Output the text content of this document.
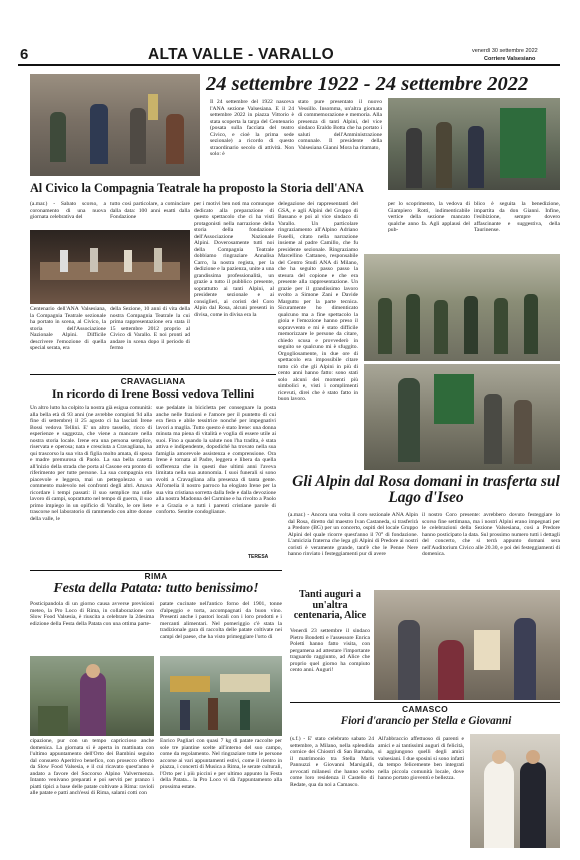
6	ALTA VALLE - VARALLO	venerdì 30 settembre 2022
Corriere Valsesiano
24 settembre 1922 - 24 settembre 2022
Il 24 settembre del 1922 nasceva l'ANA sezione Valsesiana. E il 24 settembre 2022 in piazza Vittorio è stata scoperta la targa del Centenario (posata sulla facciata del teatro Civico, e cioè la prima sede sezionale) a ricordo di questo straordinario secolo di attività. Non solo: è
stato pure presentato il nuovo Vessillo. Insomma, un'altra giornata di commemorazione e memoria. Alla presenza di tanti Alpini, del vice sindaco Eraldo Botta che ha portato i saluti dell'Amministrazione comunale. Il presidente della Valsesiana Gianni Mora ha ritamato,
Al Civico la Compagnia Teatrale ha proposto la Storia dell'ANA
(a.mar.) - Sabato scorso, a coronamento di una nuova giornata celebrativa del
tutto così particolare, a cominciare dalla data: 100 anni esatti dalla Fondazione
Centenario dell'ANA Valsesiana, la Compagnia Teatrale sezionale ha portato in scena, al Civico, la storia dell'Associazione Nazionale Alpini. Difficile descrivere l'emozione di quella special serata, era
della Sezione, 10 anni di vita della nostra Compagnia Teatrale la cui prima rappresentazione era stata il 15 settembre 2012 proprio al Civico di Varallo. E noi pronti ad andare in scena dopo il periodo di fermo
per i motivi ben noti ma comunque dedicato alla preparazione di questo spettacolo che ci ha visti protagonisti nella narrazione della storia della fondazione dell'Associazione Nazionale Alpini. Doverosamente tutti noi della Compagnia Teatrale dobbiamo ringraziare Annalisa Carro, la nostra regista, per la dedizione e la pazienza, unite a una grandissima professionalità, un grazie a tutto il pubblico presente, soprattutto ai tanti Alpini, al presidente sezionale e ai consiglieri, ai coristi del Coro Alpin dal Rosa, alcuni presenti in divisa, come in divisa era la
delegazione dei rappresentanti del GSA, e agli Alpini del Gruppo di Bassano e poi al vice sindaco di Varallo. Un particolare ringraziamento all'Alpino Adriano Fuselli, citato nella narrazione insieme al padre Camillo, che fu presidente sezionale. Ringraziamo Marcellino Cattaneo, responsabile del Centro Studi ANA di Milano, che ha seguito passo passo la stesura del copione e che era presente alla rappresentazione. Un grazie per il grandissimo lavoro svolto a Simone Zani e Davide Marguttu per la parte tecnica. Sicuramente ho dimenticato qualcuno ma a fine spettacolo la gioia e l'emozione hanno preso il sopravvento e mi è stato difficile memorizzare le persone da citare, chiedo scusa e provvederò in seguito se qualcuno mi è sfuggito. Orgogliosamente, in due ore di spettacolo era impossibile citare tutto ciò che gli Alpini in più di cento anni hanno fatto: sono stati solo alcuni dei momenti più simbolici e, visti i complimenti ricevuti, direi che è stato fatto in buon lavoro.
per lo scoprimento, la vedova di Giampiero Rotti, indimenticabile vertice della sezione mancato qualche anno fa. Agli applausi del pub-
blico è seguita la benedizione, impartita da don Gianni. Infine, l'esibizione, sempre dovero affascinante e suggestiva, della Taurinense.
CRAVAGLIANA
In ricordo di Irene Bossi vedova Tellini
Un altro lutto ha colpito la nostra già esigua comunità: alla bella età di 93 anni (ne avrebbe compiuti 94 alla fine di settembre) il 25 agosto ci ha lasciati Irene Bossi vedova Tellini. E' un altro tassello, ricco di esperienze e saggezza, che viene a mancare nella nostra storia locale. Irene era una persona semplice, riservata e operosa; nata e cresciuta a Cravagliana, ha qui trascorso la sua vita di figlia molto amata, di sposa e madre premurosa di Paolo. La sua bella casetta all'inizio della strada che porta al Casone era pronto di riferimento per tutte persone. La sua compagnia era piacevole e leggera, mai un pettegolezzo o un commento malevolo nei confronti degli altri. Amava ricordare i tempi passati: il suo semplice ma utile lavoro di campi, soprattutto nel tempo di guerra, il suo primo impiego in un opificio di Varallo, le ore liete trascorse nel laboratorio di rammendo con altre donne della valle, le
sue pedalate in bicicletta per consegnare la posta anche nelle frazioni e l'amore per il puntetto di cui era fiera e abile tessitrice nonché per impegnativi lavori a maglia. Tutto questo è stato Irene: una donna minuta ma piena di vitalità e voglia di essere utile ai suoi. Fino a quando la salute non l'ha tradita, è stata attiva e indipendente, dopodiché ha trovato nella sua famiglia amorevole assistenza e comprensione. Ora Irene è tornata al Padre, leggera e libera da quella sofferenza che in questi due ultimi anni l'aveva limitata nella sua autonomia. I suoi funerali si sono svolti a Cravagliana alla presenza di tanta gente. All'omelia il nostro parroco ha elogiato Irene per la sua vita cristiana sorretta dalla fede e dalla devozione alla nostra Madonna del Carmine e ha rivolto a Paolo e a Grazia e a tutti i parenti cristiane parole di conforto. Sentite condoglianze.
TERESA
Gli Alpin dal Rosa domani in trasferta sul Lago d'Iseo
(a.mar.) - Ancora una volta il coro sezionale ANA Alpin dal Rosa, diretto dal maestro Ivan Castaneda, si trasferirà a Predore (BG) per un concerto, ospiti del locale Gruppo Alpini del quale ricorre quest'anno il 70° di fondazione. L'amicizia fraterna che lega gli Alpini di Predore ai nostri coristi è veramente grande, tant'è che le Penne Nere hanno rinviato i festeggiamenti pur di avere
il nostro Coro presente: avrebbero dovuto festeggiare lo scorso fine settimana, ma i nostri Alpini erano impegnati per le celebrazioni della Sezione Valsesiana, così a Predore hanno posticipato la data. Sul prossimo numero tutti i dettagli del concerto, che si terrà appunto domani sera nell'Auditorium Civico alle 20.30, e poi dei festeggiamenti di domenica.
RIMA
Festa della Patata: tutto benissimo!
Posticipandola di un giorno causa avverse previsioni meteo, la Pro Loco di Rima, in collaborazione con Slow Food Valsesia, è riuscita a celebrare la 24esima edizione della Festa della Patata con una ottima parte-
patate cucinate nell'antico forno del 1901, tonne d'alpeggio e torta, accompagnati da buon vino. Presenti anche i pastori locali con i loro prodotti e i mercanti alimentari. Nel pomeriggio c'è stata la tradizionale gara di raccolta delle patate coltivate nei campi del paese, che ha visto primeggiare l'orto di
cipazione, pur con un tempo capriccioso anche domenica. La giornata si è aperta in mattinata con l'ultimo appuntamento dell'Orto dei Bambini seguito dal consueto Aperitivo benefico, con prosecco offerto da Slow Food Valsesia, e il cui ricavato quest'anno è andato a favore del Soccorso Alpino Valvermenza. Intanto venivano preparati e poi serviti per pranzo i piatti tipici a base delle patate coltivate a Rima: ravioli alle patate e patti anch'essi di Rima, salami cotti con
Enrico Pagliari con quasi 7 kg di patate raccolte per sole tre piantine scelte all'interno del suo campo, come da regolamento. Nel ringraziare tutte le persone accorse ai vari appuntamenti estivi, come il rientro in piazza, i concerti di Musica a Rima, le serate culturali, l'Orto per i più piccini e per ultimo appunto la Festa della Patata... la Pro Loco vi dà l'appuntamento alla prossima estate.
Tanti auguri a un'altra centenaria, Alice
Venerdì 23 settembre il sindaco Pietro Bondetti e l'assessore Enrica Poletti hanno fatto visita, con pergamena ad attestare l'importante traguardo raggiunto, ad Alice che proprio quel giorno ha compiuto cento anni. Auguri!
CAMASCO
Fiori d'arancio per Stella e Giovanni
(s.f.) - E' stato celebrato sabato 24 settembre, a Milano, nella splendida cornice dei Chiostri di San Barnaba, il matrimonio tra Stella Maris Pannuzzi e Giovanni Marsigalli, avvocati milanesi che hanno scelto come loro residenza il Castello di Redate, qua da noi a Camasco.
All'abbraccio affettuoso di parenti e amici e ai tantissimi auguri di felicità, si aggiungono quelli degli amici valsesiani. I due sposini si sono infatti da tempo felicemente ben integrati nella piccola comunità locale, dove hanno portato gioventù e bellezza.
